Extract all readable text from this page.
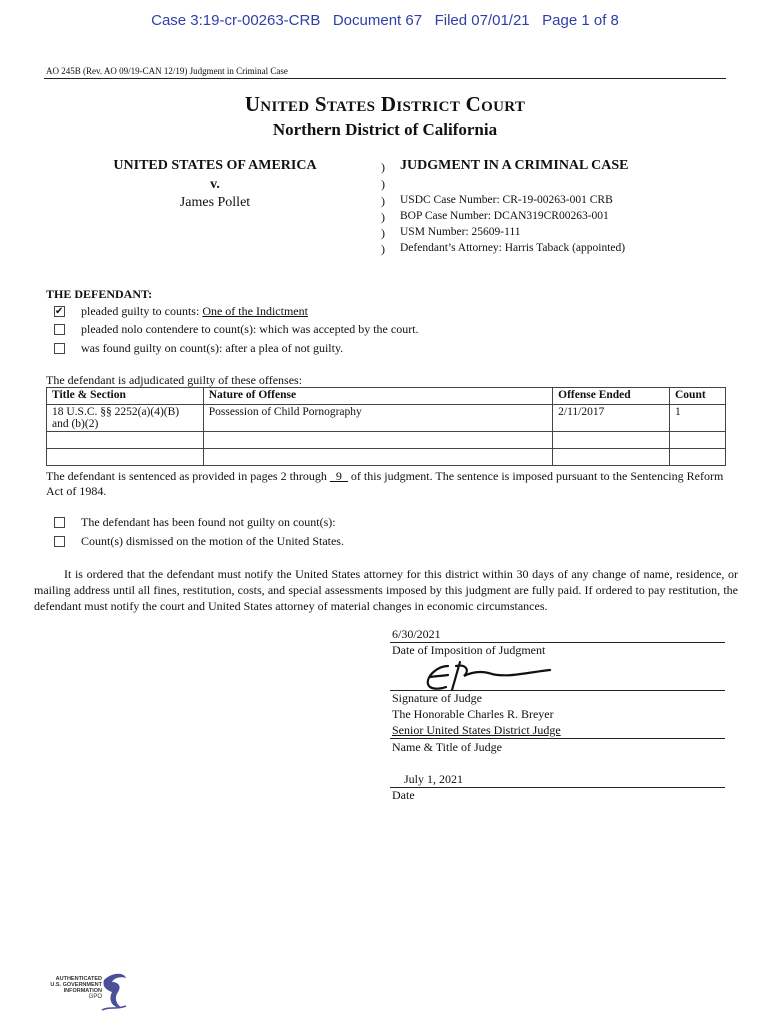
Case 3:19-cr-00263-CRB   Document 67   Filed 07/01/21   Page 1 of 8
AO 245B (Rev. AO 09/19-CAN 12/19) Judgment in Criminal Case
United States District Court
Northern District of California
UNITED STATES OF AMERICA
v.
James Pollet
)
)
)
)
)
)
JUDGMENT IN A CRIMINAL CASE
USDC Case Number: CR-19-00263-001 CRB
BOP Case Number: DCAN319CR00263-001
USM Number: 25609-111
Defendant’s Attorney: Harris Taback (appointed)
THE DEFENDANT:
✔ pleaded guilty to counts: One of the Indictment
pleaded nolo contendere to count(s): which was accepted by the court.
was found guilty on count(s): after a plea of not guilty.
The defendant is adjudicated guilty of these offenses:
Title & Section	Nature of Offense	Offense Ended	Count
18 U.S.C. §§ 2252(a)(4)(B) and (b)(2)	Possession of Child Pornography	2/11/2017	1

The defendant is sentenced as provided in pages 2 through   9   of this judgment. The sentence is imposed pursuant to the Sentencing Reform Act of 1984.
The defendant has been found not guilty on count(s):
Count(s) dismissed on the motion of the United States.
It is ordered that the defendant must notify the United States attorney for this district within 30 days of any change of name, residence, or mailing address until all fines, restitution, costs, and special assessments imposed by this judgment are fully paid. If ordered to pay restitution, the defendant must notify the court and United States attorney of material changes in economic circumstances.
6/30/2021
Date of Imposition of Judgment
Signature of Judge
The Honorable Charles R. Breyer
Senior United States District Judge
Name & Title of Judge
July 1, 2021
Date
AUTHENTICATED
U.S. GOVERNMENT
INFORMATION
GPO
